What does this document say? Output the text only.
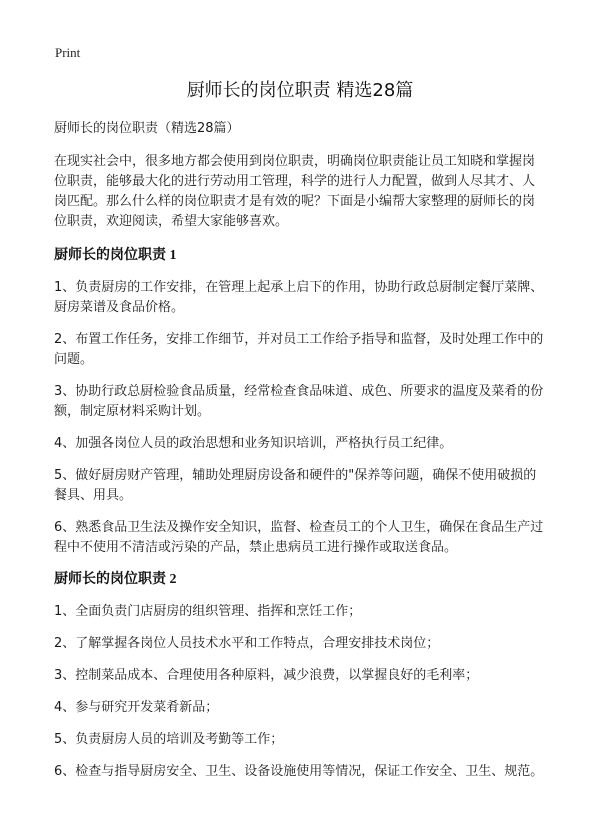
Print
厨师长的岗位职责 精选28篇

厨师长的岗位职责（精选28篇）

在现实社会中，很多地方都会使用到岗位职责，明确岗位职责能让员工知晓和掌握岗位职责，能够最大化的进行劳动用工管理，科学的进行人力配置，做到人尽其才、人岗匹配。那么什么样的岗位职责才是有效的呢？下面是小编帮大家整理的厨师长的岗位职责，欢迎阅读，希望大家能够喜欢。

厨师长的岗位职责 1

1、负责厨房的工作安排，在管理上起承上启下的作用，协助行政总厨制定餐厅菜牌、厨房菜谱及食品价格。

2、布置工作任务，安排工作细节，并对员工工作给予指导和监督，及时处理工作中的问题。

3、协助行政总厨检验食品质量，经常检查食品味道、成色、所要求的温度及菜肴的份额，制定原材料采购计划。

4、加强各岗位人员的政治思想和业务知识培训，严格执行员工纪律。

5、做好厨房财产管理，辅助处理厨房设备和硬件的"保养等问题，确保不使用破损的餐具、用具。

6、熟悉食品卫生法及操作安全知识，监督、检查员工的个人卫生，确保在食品生产过程中不使用不清洁或污染的产品，禁止患病员工进行操作或取送食品。

厨师长的岗位职责 2

1、全面负责门店厨房的组织管理、指挥和烹饪工作；

2、了解掌握各岗位人员技术水平和工作特点，合理安排技术岗位；

3、控制菜品成本、合理使用各种原料，减少浪费，以掌握良好的毛利率；

4、参与研究开发菜肴新品；

5、负责厨房人员的培训及考勤等工作；

6、检查与指导厨房安全、卫生、设备设施使用等情况，保证工作安全、卫生、规范。
